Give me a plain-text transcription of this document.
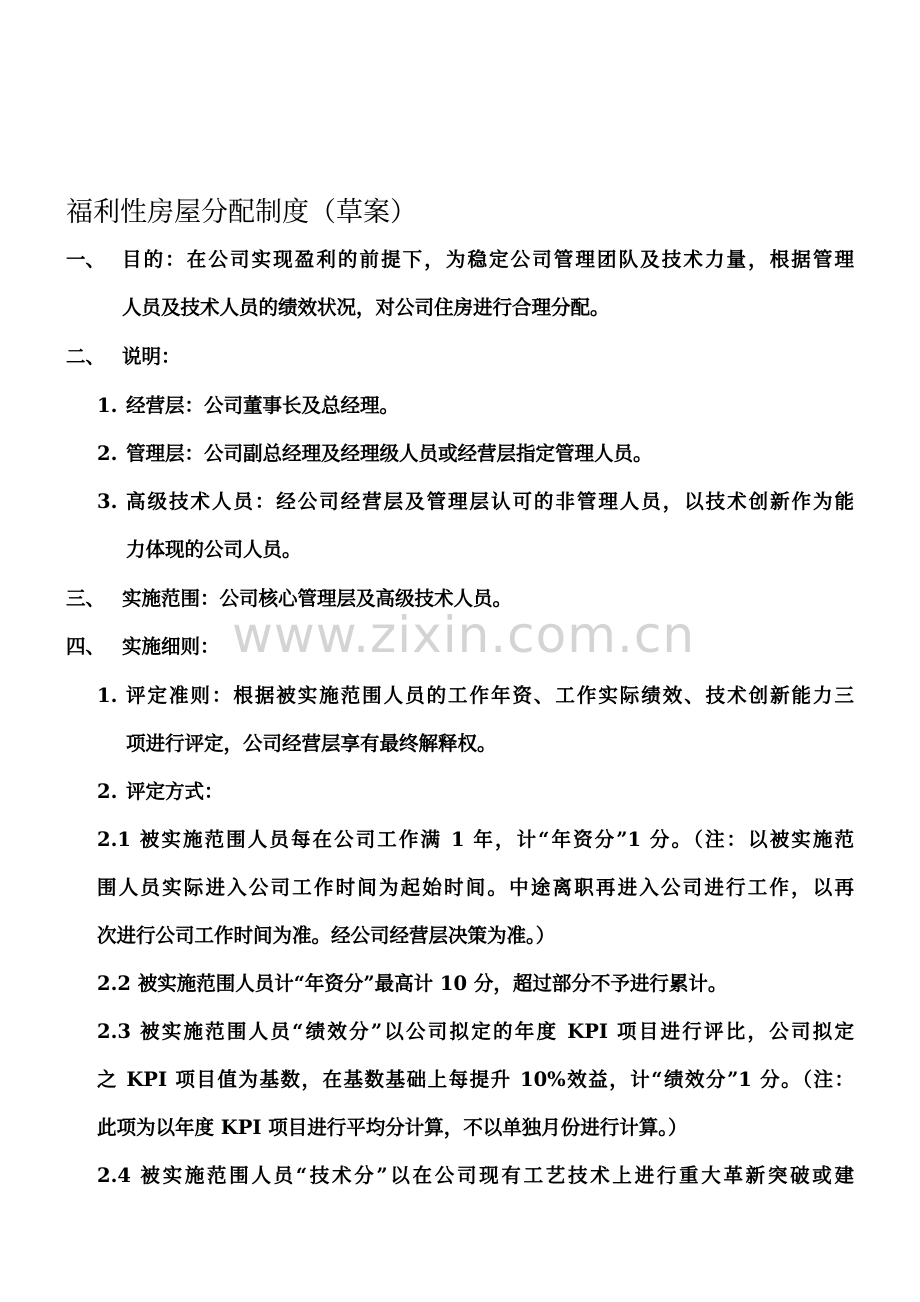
福利性房屋分配制度（草案）
一、 目的：在公司实现盈利的前提下，为稳定公司管理团队及技术力量，根据管理
人员及技术人员的绩效状况，对公司住房进行合理分配。
二、 说明：
1. 经营层：公司董事长及总经理。
2. 管理层：公司副总经理及经理级人员或经营层指定管理人员。
3. 高级技术人员：经公司经营层及管理层认可的非管理人员，以技术创新作为能
力体现的公司人员。
三、 实施范围：公司核心管理层及高级技术人员。
四、 实施细则：
1. 评定准则：根据被实施范围人员的工作年资、工作实际绩效、技术创新能力三
项进行评定，公司经营层享有最终解释权。
2. 评定方式：
2.1 被实施范围人员每在公司工作满 1 年，计“年资分”1 分。（注：以被实施范
围人员实际进入公司工作时间为起始时间。中途离职再进入公司进行工作，以再
次进行公司工作时间为准。经公司经营层决策为准。）
2.2 被实施范围人员计“年资分”最高计 10 分，超过部分不予进行累计。
2.3 被实施范围人员“绩效分”以公司拟定的年度 KPI 项目进行评比，公司拟定
之 KPI 项目值为基数，在基数基础上每提升 10%效益，计“绩效分”1 分。（注：
此项为以年度 KPI 项目进行平均分计算，不以单独月份进行计算。）
2.4 被实施范围人员“技术分”以在公司现有工艺技术上进行重大革新突破或建
www.zixin.com.cn
